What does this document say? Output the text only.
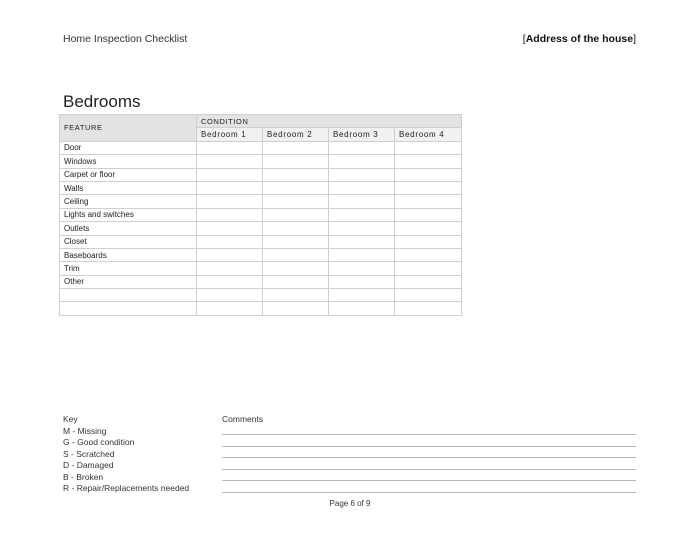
Home Inspection Checklist	[Address of the house]
Bedrooms
FEATURE	CONDITION			
	Bedroom 1	Bedroom 2	Bedroom 3	Bedroom 4
Door				
Windows				
Carpet or floor				
Walls				
Ceiling				
Lights and switches				
Outlets				
Closet				
Baseboards				
Trim				
Other				

Key
M - Missing
G - Good condition
S - Scratched
D - Damaged
B - Broken
R - Repair/Replacements needed
Comments
Page 6 of 9
